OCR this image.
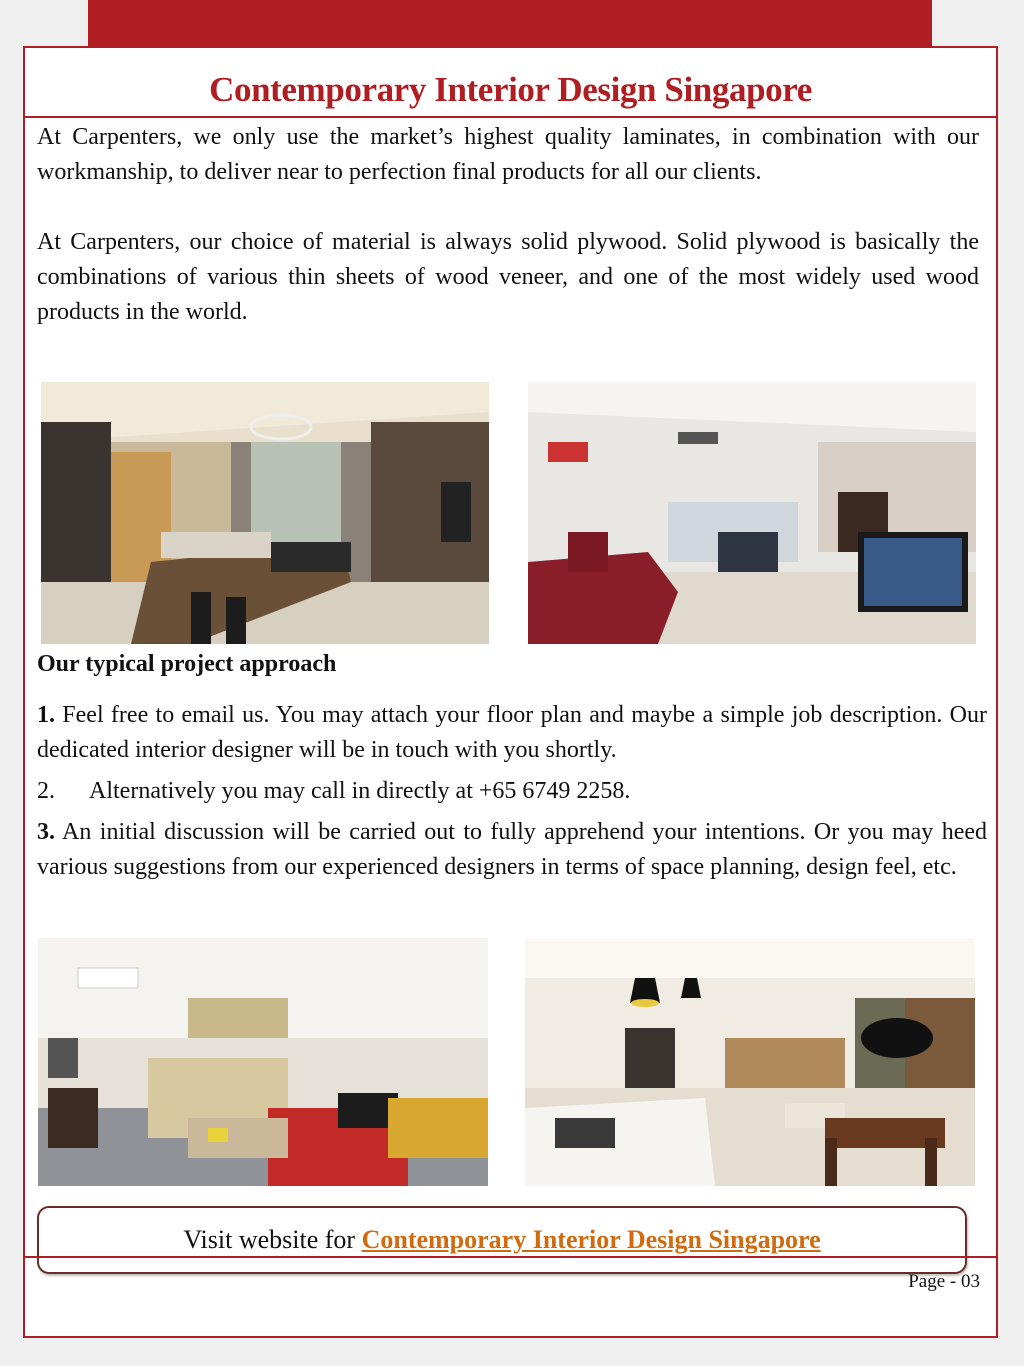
Contemporary Interior Design Singapore

At Carpenters, we only use the market’s highest quality laminates, in combination with our workmanship, to deliver near to perfection final products for all our clients.

At Carpenters, our choice of material is always solid plywood. Solid plywood is basically the combinations of various thin sheets of wood veneer, and one of the most widely used wood products in the world.

Our typical project approach

1. Feel free to email us. You may attach your floor plan and maybe a simple job description. Our dedicated interior designer will be in touch with you shortly.

2. Alternatively you may call in directly at +65 6749 2258.

3. An initial discussion will be carried out to fully apprehend your intentions. Or you may heed various suggestions from our experienced designers in terms of space planning, design feel, etc.

Visit website for Contemporary Interior Design Singapore
Page - 03
